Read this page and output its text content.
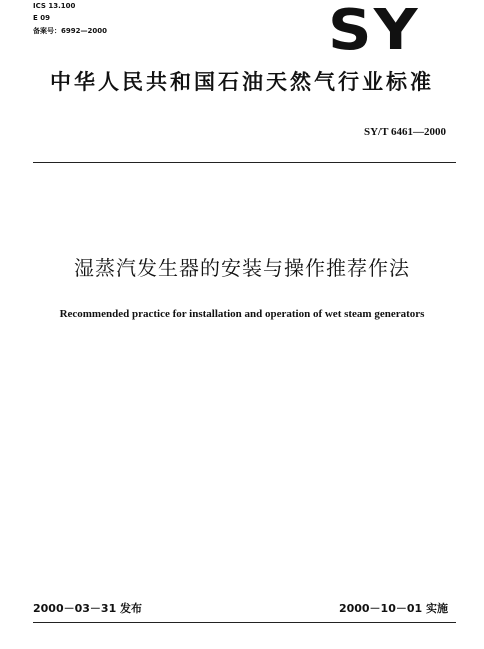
ICS 13.100
E 09
备案号：6992—2000	SY
中华人民共和国石油天然气行业标准
SY/T 6461—2000
湿蒸汽发生器的安装与操作推荐作法
Recommended practice for installation and operation of wet steam generators
2000－03－31 发布	2000－10－01 实施
